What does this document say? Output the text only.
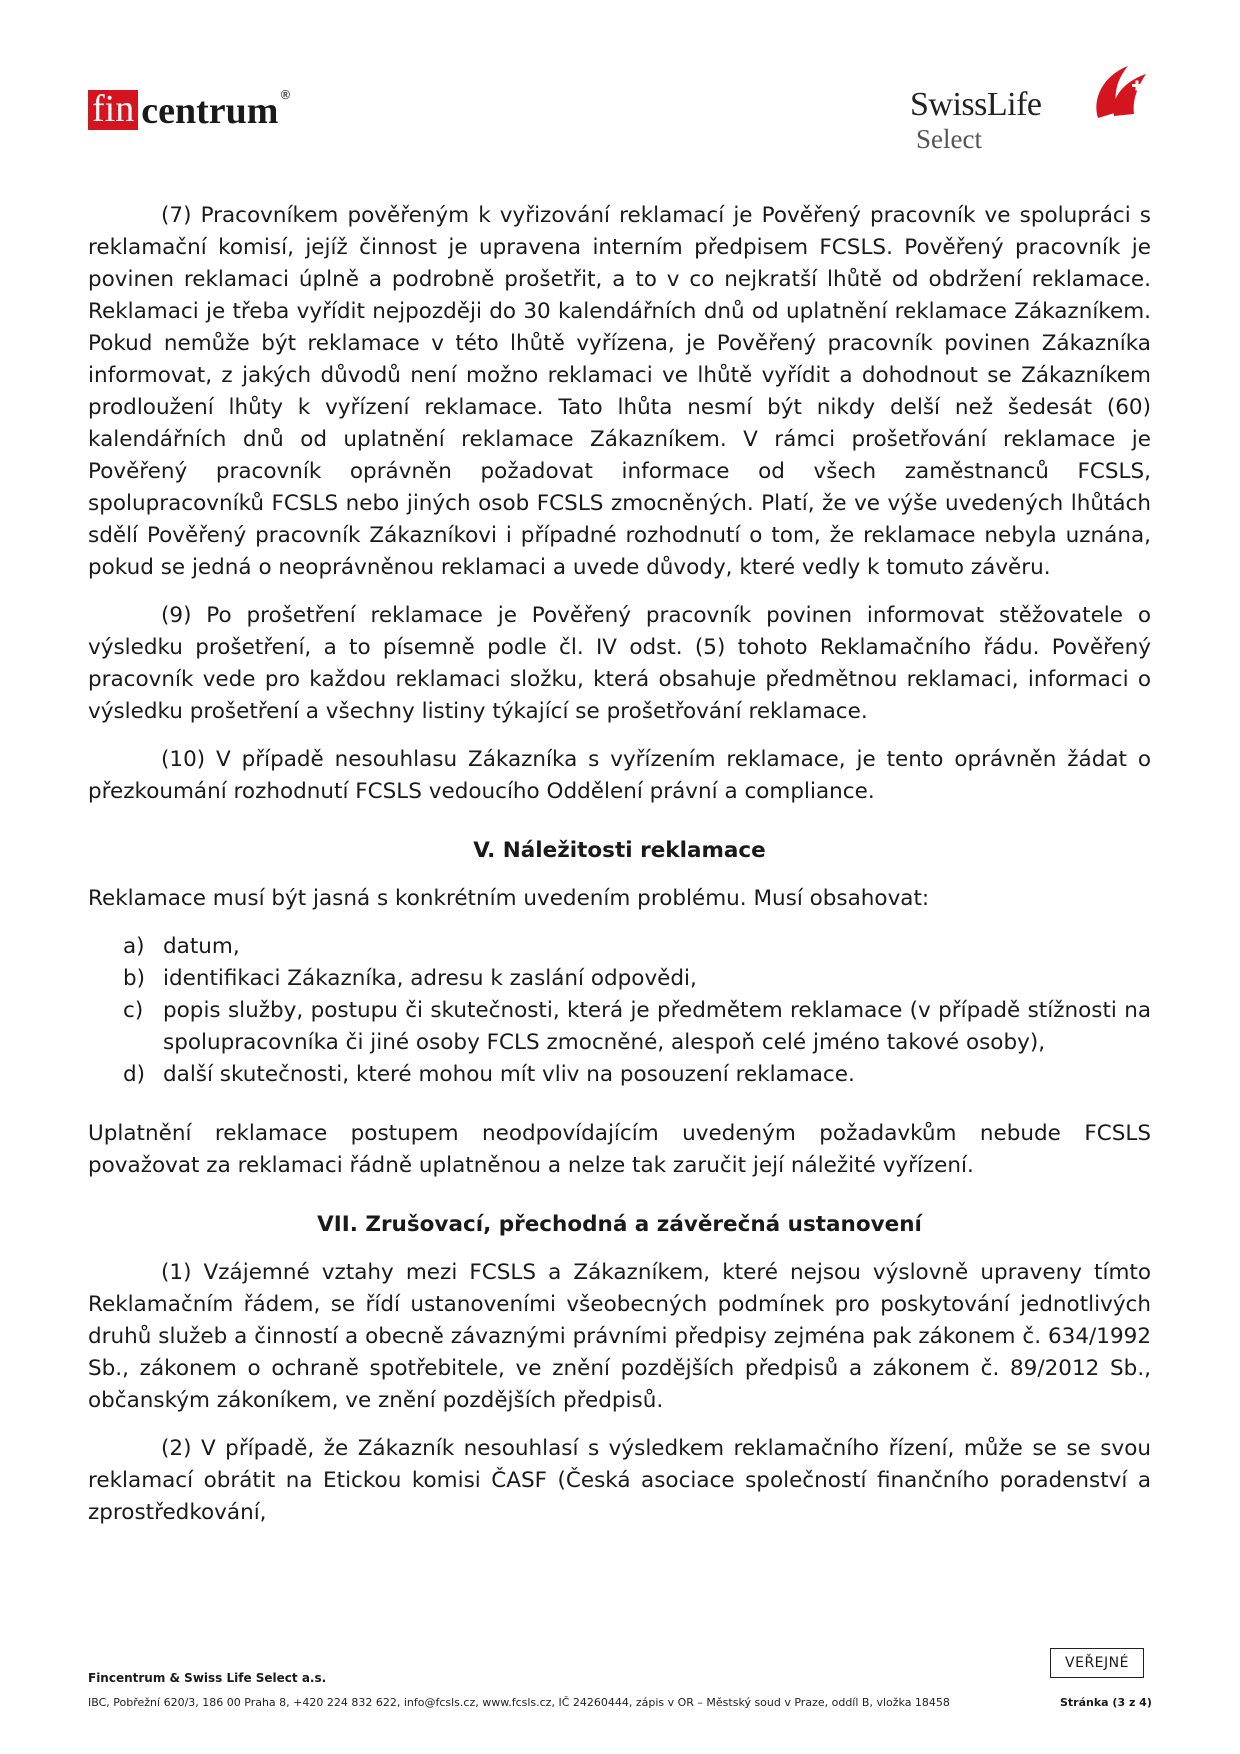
fin centrum ®	SwissLife
Select

(7) Pracovníkem pověřeným k vyřizování reklamací je Pověřený pracovník ve spolupráci s reklamační komisí, jejíž činnost je upravena interním předpisem FCSLS. Pověřený pracovník je povinen reklamaci úplně a podrobně prošetřit, a to v co nejkratší lhůtě od obdržení reklamace. Reklamaci je třeba vyřídit nejpozději do 30 kalendářních dnů od uplatnění reklamace Zákazníkem. Pokud nemůže být reklamace v této lhůtě vyřízena, je Pověřený pracovník povinen Zákazníka informovat, z jakých důvodů není možno reklamaci ve lhůtě vyřídit a dohodnout se Zákazníkem prodloužení lhůty k vyřízení reklamace. Tato lhůta nesmí být nikdy delší než šedesát (60) kalendářních dnů od uplatnění reklamace Zákazníkem. V rámci prošetřování reklamace je Pověřený pracovník oprávněn požadovat informace od všech zaměstnanců FCSLS, spolupracovníků FCSLS nebo jiných osob FCSLS zmocněných. Platí, že ve výše uvedených lhůtách sdělí Pověřený pracovník Zákazníkovi i případné rozhodnutí o tom, že reklamace nebyla uznána, pokud se jedná o neoprávněnou reklamaci a uvede důvody, které vedly k tomuto závěru.

(9) Po prošetření reklamace je Pověřený pracovník povinen informovat stěžovatele o výsledku prošetření, a to písemně podle čl. IV odst. (5) tohoto Reklamačního řádu. Pověřený pracovník vede pro každou reklamaci složku, která obsahuje předmětnou reklamaci, informaci o výsledku prošetření a všechny listiny týkající se prošetřování reklamace.

(10) V případě nesouhlasu Zákazníka s vyřízením reklamace, je tento oprávněn žádat o přezkoumání rozhodnutí FCSLS vedoucího Oddělení právní a compliance.

V. Náležitosti reklamace

Reklamace musí být jasná s konkrétním uvedením problému. Musí obsahovat:

a) datum,
b) identifikaci Zákazníka, adresu k zaslání odpovědi,
c) popis služby, postupu či skutečnosti, která je předmětem reklamace (v případě stížnosti na spolupracovníka či jiné osoby FCLS zmocněné, alespoň celé jméno takové osoby),
d) další skutečnosti, které mohou mít vliv na posouzení reklamace.

Uplatnění reklamace postupem neodpovídajícím uvedeným požadavkům nebude FCSLS považovat za reklamaci řádně uplatněnou a nelze tak zaručit její náležité vyřízení.

VII. Zrušovací, přechodná a závěrečná ustanovení

(1) Vzájemné vztahy mezi FCSLS a Zákazníkem, které nejsou výslovně upraveny tímto Reklamačním řádem, se řídí ustanoveními všeobecných podmínek pro poskytování jednotlivých druhů služeb a činností a obecně závaznými právními předpisy zejména pak zákonem č. 634/1992 Sb., zákonem o ochraně spotřebitele, ve znění pozdějších předpisů a zákonem č. 89/2012 Sb., občanským zákoníkem, ve znění pozdějších předpisů.

(2) V případě, že Zákazník nesouhlasí s výsledkem reklamačního řízení, může se se svou reklamací obrátit na Etickou komisi ČASF (Česká asociace společností finančního poradenství a zprostředkování,

Fincentrum & Swiss Life Select a.s.
IBC, Pobřežní 620/3, 186 00 Praha 8, +420 224 832 622, info@fcsls.cz, www.fcsls.cz, IČ 24260444, zápis v OR – Městský soud v Praze, oddíl B, vložka 18458
VEŘEJNÉ
Stránka (3 z 4)
